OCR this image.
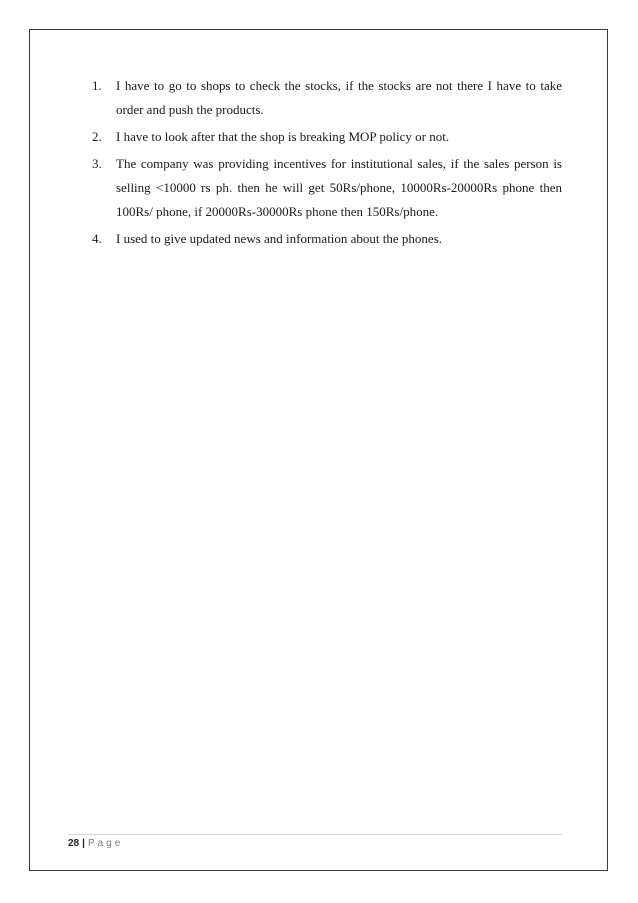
1.	I have to go to shops to check the stocks, if the stocks are not there I have to take order and push the products.
2.	I have to look after that the shop is breaking MOP policy or not.
3.	The company was providing incentives for institutional sales, if the sales person is selling <10000 rs ph. then he will get 50Rs/phone, 10000Rs-20000Rs phone then 100Rs/ phone, if 20000Rs-30000Rs phone then 150Rs/phone.
4.	I used to give updated news and information about the phones.
28 | Page
